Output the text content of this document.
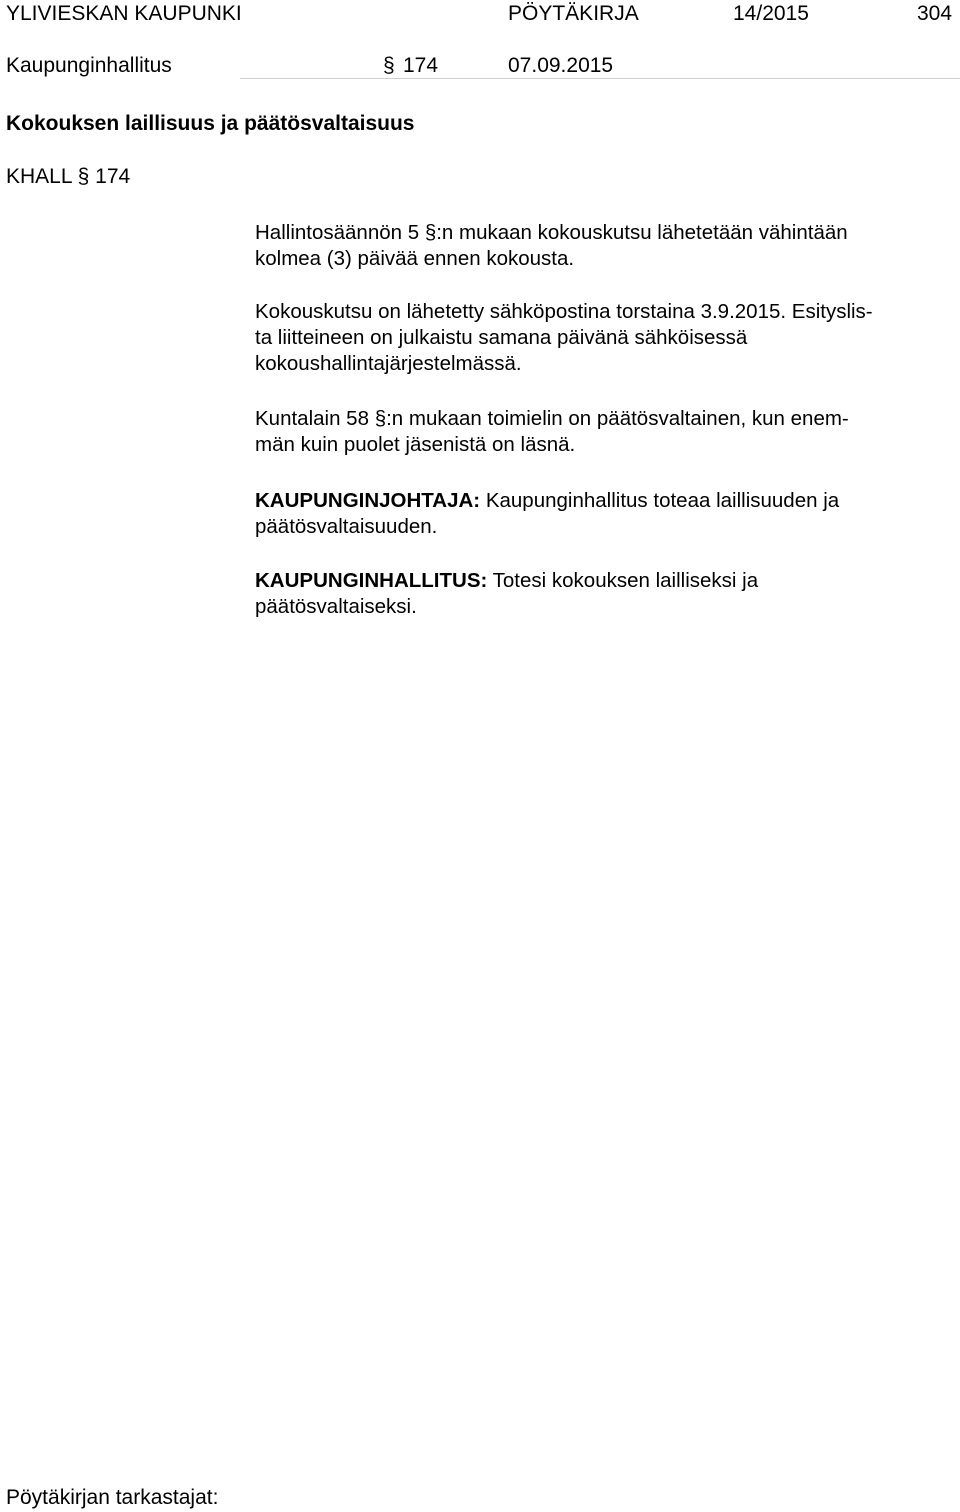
YLIVIESKAN KAUPUNKI	PÖYTÄKIRJA	14/2015	304
Kaupunginhallitus	§ 174	07.09.2015
Kokouksen laillisuus ja päätösvaltaisuus
KHALL § 174
Hallintosäännön 5 §:n mukaan kokouskutsu lähetetään vähintään
kolmea (3) päivää ennen kokousta.
Kokouskutsu on lähetetty sähköpostina torstaina 3.9.2015. Esityslis-
ta liitteineen on julkaistu samana päivänä sähköisessä
kokoushallintajärjestelmässä.
Kuntalain 58 §:n mukaan toimielin on päätösvaltainen, kun enem-
män kuin puolet jäsenistä on läsnä.
KAUPUNGINJOHTAJA: Kaupunginhallitus toteaa laillisuuden ja
päätösvaltaisuuden.
KAUPUNGINHALLITUS: Totesi kokouksen lailliseksi ja
päätösvaltaiseksi.
Pöytäkirjan tarkastajat:
